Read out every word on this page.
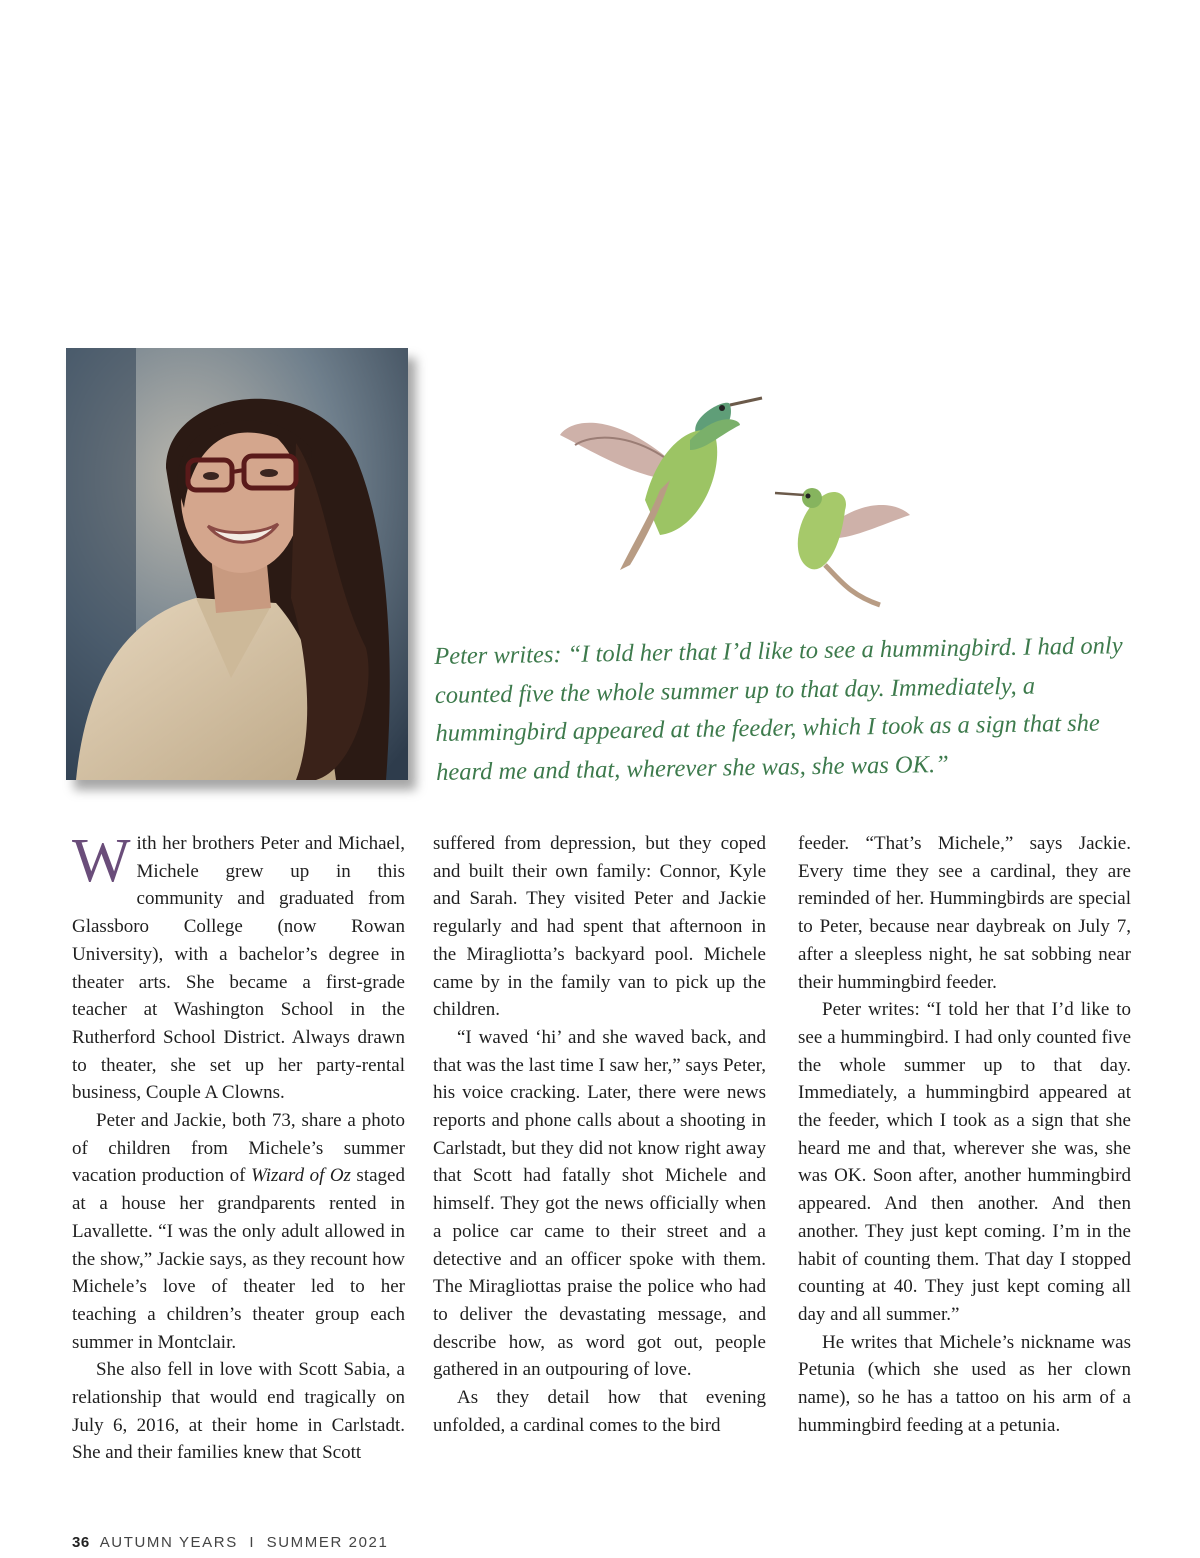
Peter writes: “I told her that I’d like to see a hummingbird. I had only counted five the whole summer up to that day. Immediately, a hummingbird appeared at the feeder, which I took as a sign that she heard me and that, wherever she was, she was OK.”

With her brothers Peter and Michael, Michele grew up in this community and graduated from Glassboro College (now Rowan University), with a bachelor’s degree in theater arts. She became a first-grade teacher at Washington School in the Rutherford School District. Always drawn to theater, she set up her party-rental business, Couple A Clowns.

Peter and Jackie, both 73, share a photo of children from Michele’s summer vacation production of Wizard of Oz staged at a house her grandparents rented in Lavallette. “I was the only adult allowed in the show,” Jackie says, as they recount how Michele’s love of theater led to her teaching a children’s theater group each summer in Montclair.

She also fell in love with Scott Sabia, a relationship that would end tragically on July 6, 2016, at their home in Carlstadt. She and their families knew that Scott

suffered from depression, but they coped and built their own family: Connor, Kyle and Sarah. They visited Peter and Jackie regularly and had spent that afternoon in the Miragliotta’s backyard pool. Michele came by in the family van to pick up the children.

“I waved ‘hi’ and she waved back, and that was the last time I saw her,” says Peter, his voice cracking. Later, there were news reports and phone calls about a shooting in Carlstadt, but they did not know right away that Scott had fatally shot Michele and himself. They got the news officially when a police car came to their street and a detective and an officer spoke with them. The Miragliottas praise the police who had to deliver the devastating message, and describe how, as word got out, people gathered in an outpouring of love.

As they detail how that evening unfolded, a cardinal comes to the bird

feeder. “That’s Michele,” says Jackie. Every time they see a cardinal, they are reminded of her. Hummingbirds are special to Peter, because near daybreak on July 7, after a sleepless night, he sat sobbing near their hummingbird feeder.

Peter writes: “I told her that I’d like to see a hummingbird. I had only counted five the whole summer up to that day. Immediately, a hummingbird appeared at the feeder, which I took as a sign that she heard me and that, wherever she was, she was OK. Soon after, another hummingbird appeared. And then another. And then another. They just kept coming. I’m in the habit of counting them. That day I stopped counting at 40. They just kept coming all day and all summer.”

He writes that Michele’s nickname was Petunia (which she used as her clown name), so he has a tattoo on his arm of a hummingbird feeding at a petunia.

36 AUTUMN YEARS  I  SUMMER 2021
